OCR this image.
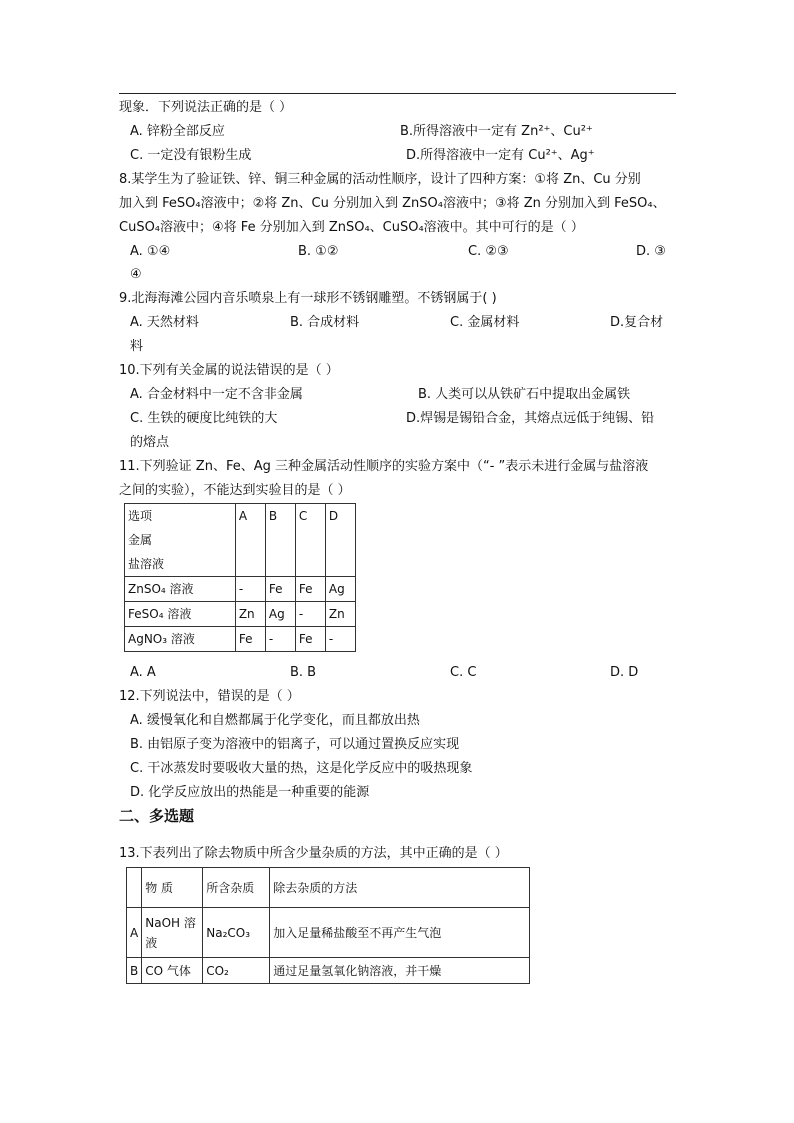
现象．下列说法正确的是（ ）
A. 锌粉全部反应	B.所得溶液中一定有 Zn²⁺、Cu²⁺
C. 一定没有银粉生成	D.所得溶液中一定有 Cu²⁺、Ag⁺
8.某学生为了验证铁、锌、铜三种金属的活动性顺序，设计了四种方案：①将 Zn、Cu 分别
加入到 FeSO₄溶液中；②将 Zn、Cu 分别加入到 ZnSO₄溶液中；③将 Zn 分别加入到 FeSO₄、
CuSO₄溶液中；④将 Fe 分别加入到 ZnSO₄、CuSO₄溶液中。其中可行的是（ ）
A. ①④	B. ①②	C. ②③	D. ③
④
9.北海海滩公园内音乐喷泉上有一球形不锈钢雕塑。不锈钢属于( )
A. 天然材料	B. 合成材料	C. 金属材料	D.复合材
料
10.下列有关金属的说法错误的是（ ）
A. 合金材料中一定不含非金属	B. 人类可以从铁矿石中提取出金属铁
C. 生铁的硬度比纯铁的大	D.焊锡是锡铅合金，其熔点远低于纯锡、铅
的熔点
11.下列验证 Zn、Fe、Ag 三种金属活动性顺序的实验方案中（“- ”表示未进行金属与盐溶液
之间的实验），不能达到实验目的是（ ）
选项
金属
盐溶液	A	B	C	D
ZnSO₄ 溶液	-	Fe	Fe	Ag
FeSO₄ 溶液	Zn	Ag	-	Zn
AgNO₃ 溶液	Fe	-	Fe	-
A. A	B. B	C. C	D. D
12.下列说法中，错误的是（ ）
A. 缓慢氧化和自燃都属于化学变化，而且都放出热
B. 由铝原子变为溶液中的铝离子，可以通过置换反应实现
C. 干冰蒸发时要吸收大量的热，这是化学反应中的吸热现象
D. 化学反应放出的热能是一种重要的能源
二、多选题
13.下表列出了除去物质中所含少量杂质的方法，其中正确的是（ ）
	物 质	所含杂质	除去杂质的方法
A	NaOH 溶液	Na₂CO₃	加入足量稀盐酸至不再产生气泡
B	CO 气体	CO₂	通过足量氢氧化钠溶液，并干燥
